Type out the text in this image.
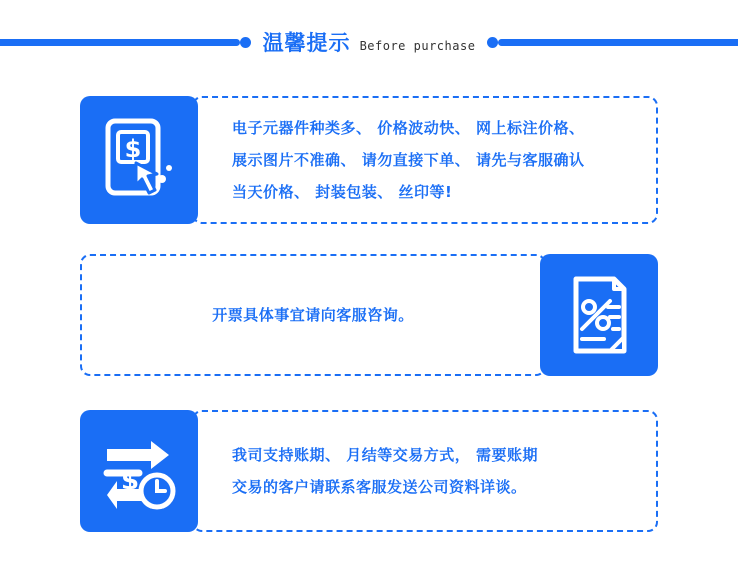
温馨提示 Before purchase
$
电子元器件种类多、 价格波动快、 网上标注价格、
展示图片不准确、 请勿直接下单、 请先与客服确认
当天价格、 封装包装、 丝印等!
开票具体事宜请向客服咨询。
$
我司支持账期、 月结等交易方式， 需要账期
交易的客户请联系客服发送公司资料详谈。
